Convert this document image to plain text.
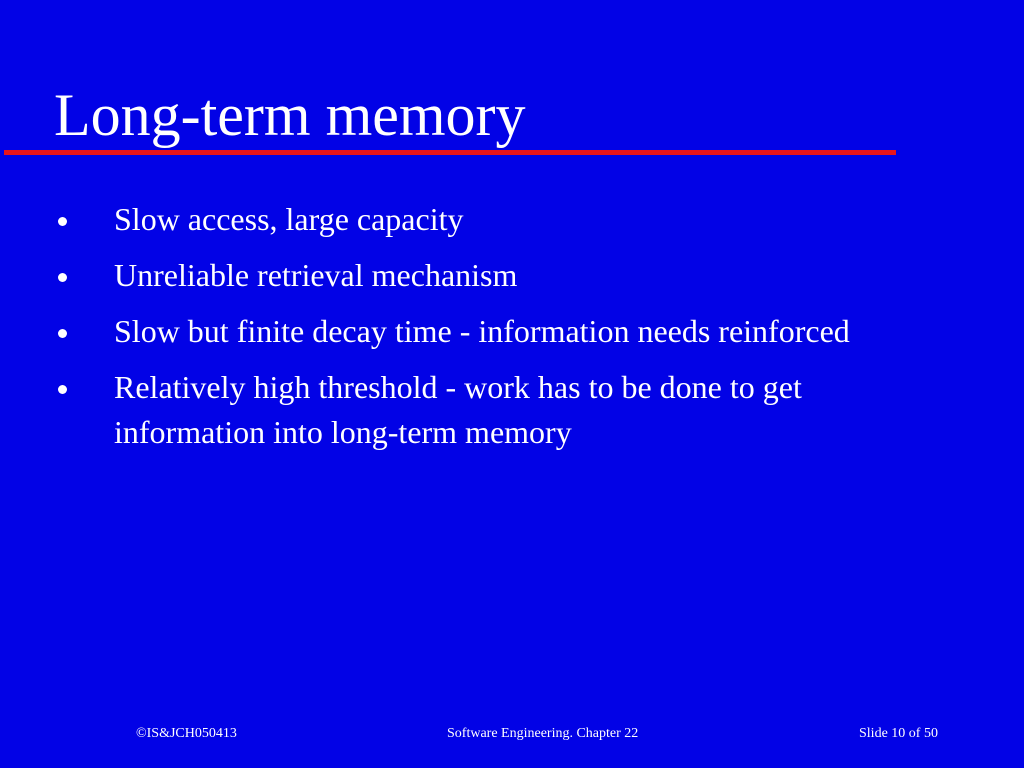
Long-term memory
Slow access, large capacity
Unreliable retrieval mechanism
Slow but finite decay time - information needs reinforced
Relatively high threshold - work has to be done to get information into long-term memory
©IS&JCH050413	Software Engineering. Chapter 22	Slide 10 of 50
